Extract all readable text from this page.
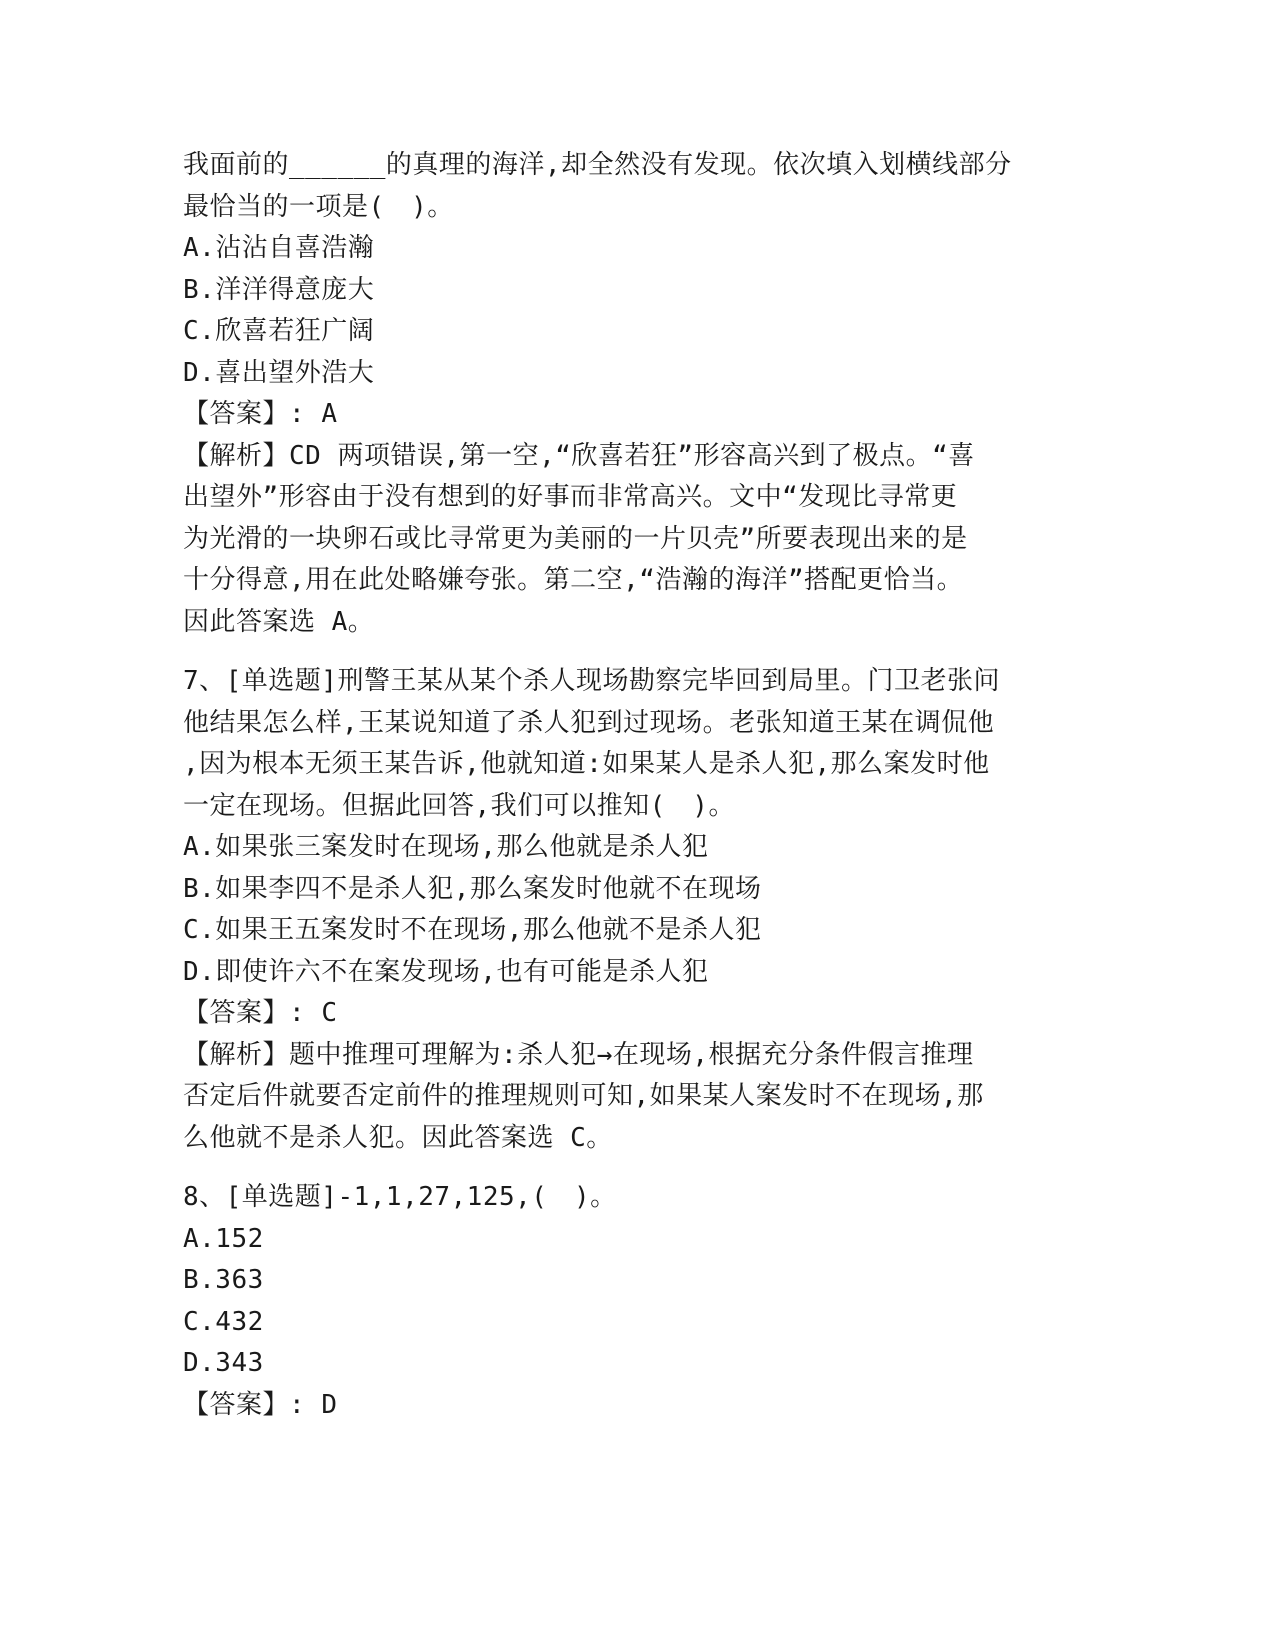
我面前的______的真理的海洋,却全然没有发现。依次填入划横线部分
最恰当的一项是(　)。
A.沾沾自喜浩瀚
B.洋洋得意庞大
C.欣喜若狂广阔
D.喜出望外浩大
【答案】: A
【解析】CD 两项错误,第一空,“欣喜若狂”形容高兴到了极点。“喜
出望外”形容由于没有想到的好事而非常高兴。文中“发现比寻常更
为光滑的一块卵石或比寻常更为美丽的一片贝壳”所要表现出来的是
十分得意,用在此处略嫌夸张。第二空,“浩瀚的海洋”搭配更恰当。
因此答案选 A。
7、[单选题]刑警王某从某个杀人现场勘察完毕回到局里。门卫老张问
他结果怎么样,王某说知道了杀人犯到过现场。老张知道王某在调侃他
,因为根本无须王某告诉,他就知道:如果某人是杀人犯,那么案发时他
一定在现场。但据此回答,我们可以推知(　)。
A.如果张三案发时在现场,那么他就是杀人犯
B.如果李四不是杀人犯,那么案发时他就不在现场
C.如果王五案发时不在现场,那么他就不是杀人犯
D.即使许六不在案发现场,也有可能是杀人犯
【答案】: C
【解析】题中推理可理解为:杀人犯→在现场,根据充分条件假言推理
否定后件就要否定前件的推理规则可知,如果某人案发时不在现场,那
么他就不是杀人犯。因此答案选 C。
8、[单选题]-1,1,27,125,(　)。
A.152
B.363
C.432
D.343
【答案】: D
